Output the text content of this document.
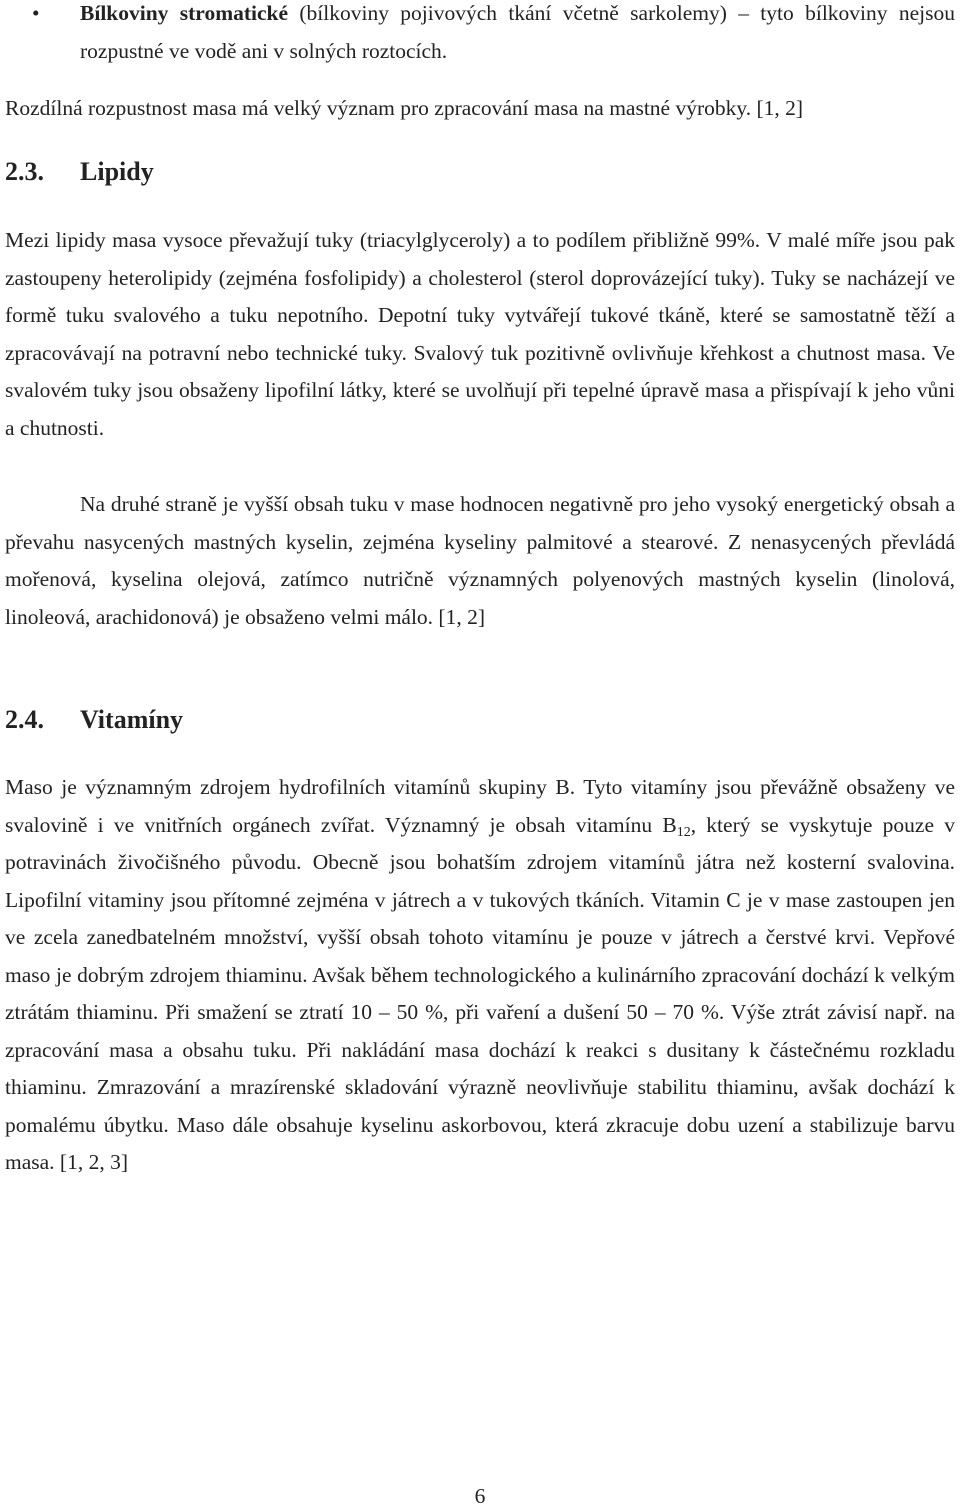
• Bílkoviny stromatické (bílkoviny pojivových tkání včetně sarkolemy) – tyto bílkoviny nejsou rozpustné ve vodě ani v solných roztocích.

Rozdílná rozpustnost masa má velký význam pro zpracování masa na mastné výrobky. [1, 2]

2.3.	Lipidy

Mezi lipidy masa vysoce převažují tuky (triacylglyceroly) a to podílem přibližně 99%. V malé míře jsou pak zastoupeny heterolipidy (zejména fosfolipidy) a cholesterol (sterol doprovázející tuky). Tuky se nacházejí ve formě tuku svalového a tuku nepotního. Depotní tuky vytvářejí tukové tkáně, které se samostatně těží a zpracovávají na potravní nebo technické tuky. Svalový tuk pozitivně ovlivňuje křehkost a chutnost masa. Ve svalovém tuky jsou obsaženy lipofilní látky, které se uvolňují při tepelné úpravě masa a přispívají k jeho vůni a chutnosti.

Na druhé straně je vyšší obsah tuku v mase hodnocen negativně pro jeho vysoký energetický obsah a převahu nasycených mastných kyselin, zejména kyseliny palmitové a stearové. Z nenasycených převládá mořenová, kyselina olejová, zatímco nutričně významných polyenových mastných kyselin (linolová, linoleová, arachidonová) je obsaženo velmi málo. [1, 2]

2.4.	Vitamíny

Maso je významným zdrojem hydrofilních vitamínů skupiny B. Tyto vitamíny jsou převážně obsaženy ve svalovině i ve vnitřních orgánech zvířat. Významný je obsah vitamínu $B_{12}$, který se vyskytuje pouze v potravinách živočišného původu. Obecně jsou bohatším zdrojem vitamínů játra než kosterní svalovina. Lipofilní vitaminy jsou přítomné zejména v játrech a v tukových tkáních. Vitamin C je v mase zastoupen jen ve zcela zanedbatelném množství, vyšší obsah tohoto vitamínu je pouze v játrech a čerstvé krvi. Vepřové maso je dobrým zdrojem thiaminu. Avšak během technologického a kulinárního zpracování dochází k velkým ztrátám thiaminu. Při smažení se ztratí 10 – 50 %, při vaření a dušení 50 – 70 %. Výše ztrát závisí např. na zpracování masa a obsahu tuku. Při nakládání masa dochází k reakci s dusitany k částečnému rozkladu thiaminu. Zmrazování a mrazírenské skladování výrazně neovlivňuje stabilitu thiaminu, avšak dochází k pomalému úbytku. Maso dále obsahuje kyselinu askorbovou, která zkracuje dobu uzení a stabilizuje barvu masa. [1, 2, 3]

6
